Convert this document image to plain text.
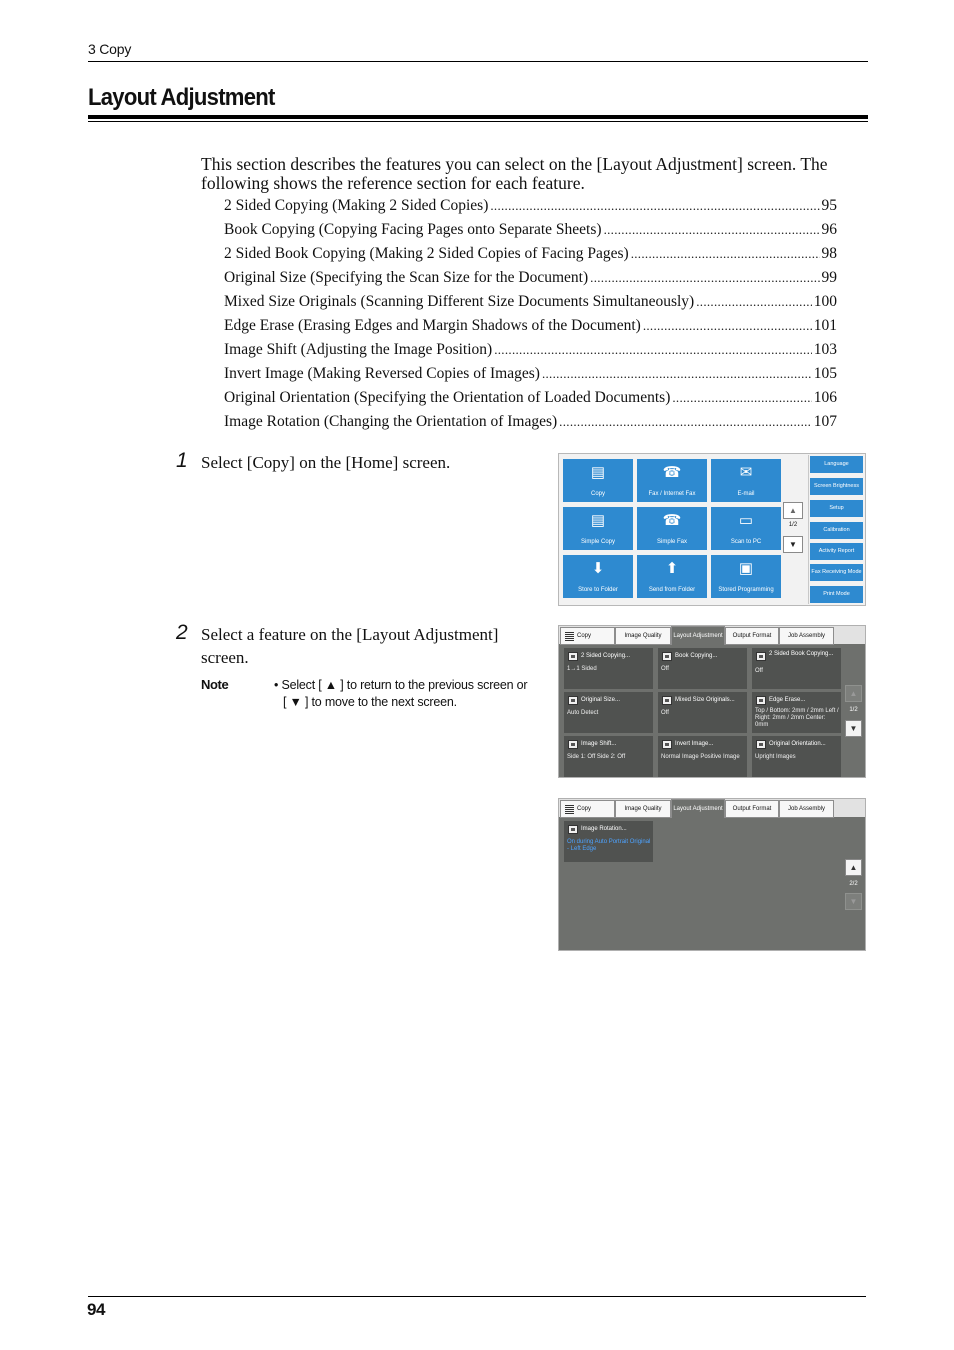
3 Copy
Layout Adjustment

This section describes the features you can select on the [Layout Adjustment] screen. The following shows the reference section for each feature.

2 Sided Copying (Making 2 Sided Copies) .....	95
Book Copying (Copying Facing Pages onto Separate Sheets) .....	96
2 Sided Book Copying (Making 2 Sided Copies of Facing Pages) .....	98
Original Size (Specifying the Scan Size for the Document) .....	99
Mixed Size Originals (Scanning Different Size Documents Simultaneously) .....	100
Edge Erase (Erasing Edges and Margin Shadows of the Document) .....	101
Image Shift (Adjusting the Image Position) .....	103
Invert Image (Making Reversed Copies of Images) .....	105
Original Orientation (Specifying the Orientation of Loaded Documents) .....	106
Image Rotation (Changing the Orientation of Images) .....	107
1 Select [Copy] on the [Home] screen.
2 Select a feature on the [Layout Adjustment] screen.
Note	• Select [ ▲ ] to return to the previous screen or
[ ▼ ] to move to the next screen.
▤
Copy
☎
Fax / Internet Fax
✉
E-mail
▤
Simple Copy
☎
Simple Fax
▭
Scan to PC
⬇
Store to Folder
⬆
Send from Folder
▣
Stored Programming
▲
1/2
▼
Language
Screen Brightness
Setup
Calibration
Activity Report
Fax Receiving Mode
Print Mode
Copy	Image Quality	Layout Adjustment	Output Format	Job Assembly
2 Sided Copying...
1→1 Sided
Book Copying...
Off
2 Sided Book Copying...
Off
Original Size...
Auto Detect
Mixed Size Originals...
Off
Edge Erase...
Top / Bottom: 2mm / 2mm Left / Right: 2mm / 2mm Center: 0mm
Image Shift...
Side 1: Off Side 2: Off
Invert Image...
Normal Image Positive Image
Original Orientation...
Upright Images
▲
1/2
▼
Copy	Image Quality	Layout Adjustment	Output Format	Job Assembly
Image Rotation...
On during Auto Portrait Original - Left Edge
▲
2/2
▼
94
